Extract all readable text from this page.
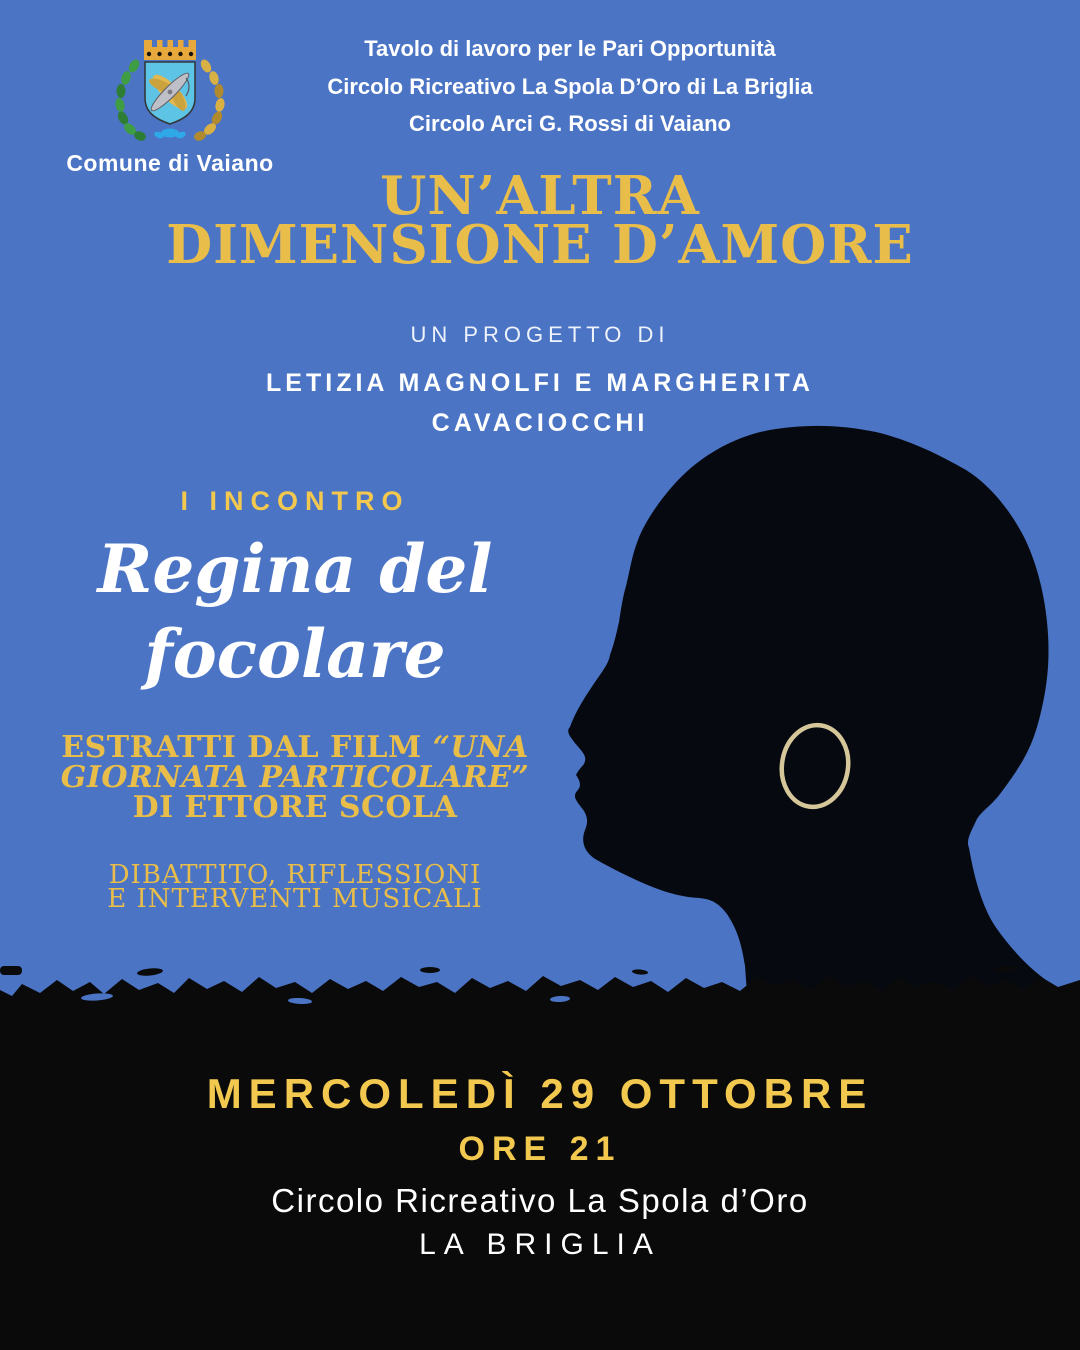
Comune di Vaiano
Tavolo di lavoro per le Pari Opportunità
Circolo Ricreativo La Spola D’Oro di La Briglia
Circolo Arci G. Rossi di Vaiano
UN’ALTRA
DIMENSIONE D’AMORE
UN PROGETTO DI
LETIZIA MAGNOLFI E MARGHERITA
CAVACIOCCHI
I INCONTRO
Regina del
focolare
ESTRATTI DAL FILM “UNA
GIORNATA PARTICOLARE”
DI ETTORE SCOLA
DIBATTITO, RIFLESSIONI
E INTERVENTI MUSICALI
MERCOLEDÌ 29 OTTOBRE
ORE 21
Circolo Ricreativo La Spola d’Oro
LA BRIGLIA
